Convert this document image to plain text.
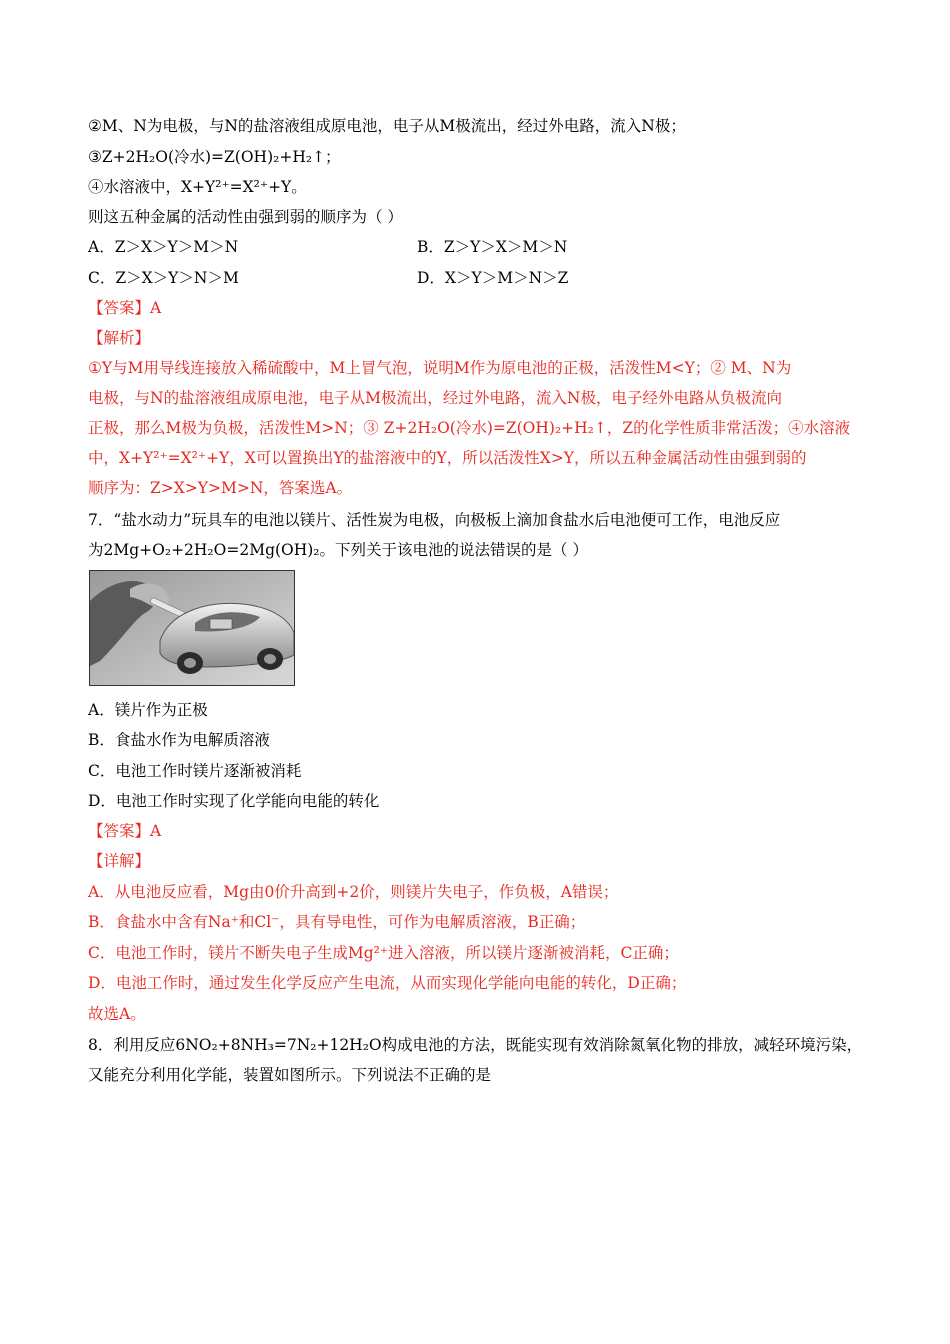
②M、N为电极，与N的盐溶液组成原电池，电子从M极流出，经过外电路，流入N极；
③Z+2H₂O(冷水)=Z(OH)₂+H₂↑；
④水溶液中，X+Y²⁺=X²⁺+Y。
则这五种金属的活动性由强到弱的顺序为（ ）
A．Z＞X＞Y＞M＞N	B．Z＞Y＞X＞M＞N
C．Z＞X＞Y＞N＞M	D．X＞Y＞M＞N＞Z
【答案】A
【解析】
①Y与M用导线连接放入稀硫酸中，M上冒气泡，说明M作为原电池的正极，活泼性M<Y；② M、N为
电极，与N的盐溶液组成原电池，电子从M极流出，经过外电路，流入N极，电子经外电路从负极流向
正极，那么M极为负极，活泼性M>N；③ Z+2H₂O(冷水)=Z(OH)₂+H₂↑，Z的化学性质非常活泼；④水溶液
中，X+Y²⁺=X²⁺+Y，X可以置换出Y的盐溶液中的Y，所以活泼性X>Y，所以五种金属活动性由强到弱的
顺序为：Z>X>Y>M>N，答案选A。
7．“盐水动力”玩具车的电池以镁片、活性炭为电极，向极板上滴加食盐水后电池便可工作，电池反应
为2Mg+O₂+2H₂O=2Mg(OH)₂。下列关于该电池的说法错误的是（ ）
A．镁片作为正极
B．食盐水作为电解质溶液
C．电池工作时镁片逐渐被消耗
D．电池工作时实现了化学能向电能的转化
【答案】A
【详解】
A．从电池反应看，Mg由0价升高到+2价，则镁片失电子，作负极，A错误；
B．食盐水中含有Na⁺和Cl⁻，具有导电性，可作为电解质溶液，B正确；
C．电池工作时，镁片不断失电子生成Mg²⁺进入溶液，所以镁片逐渐被消耗，C正确；
D．电池工作时，通过发生化学反应产生电流，从而实现化学能向电能的转化，D正确；
故选A。
8．利用反应6NO₂+8NH₃=7N₂+12H₂O构成电池的方法，既能实现有效消除氮氧化物的排放，减轻环境污染，
又能充分利用化学能，装置如图所示。下列说法不正确的是
